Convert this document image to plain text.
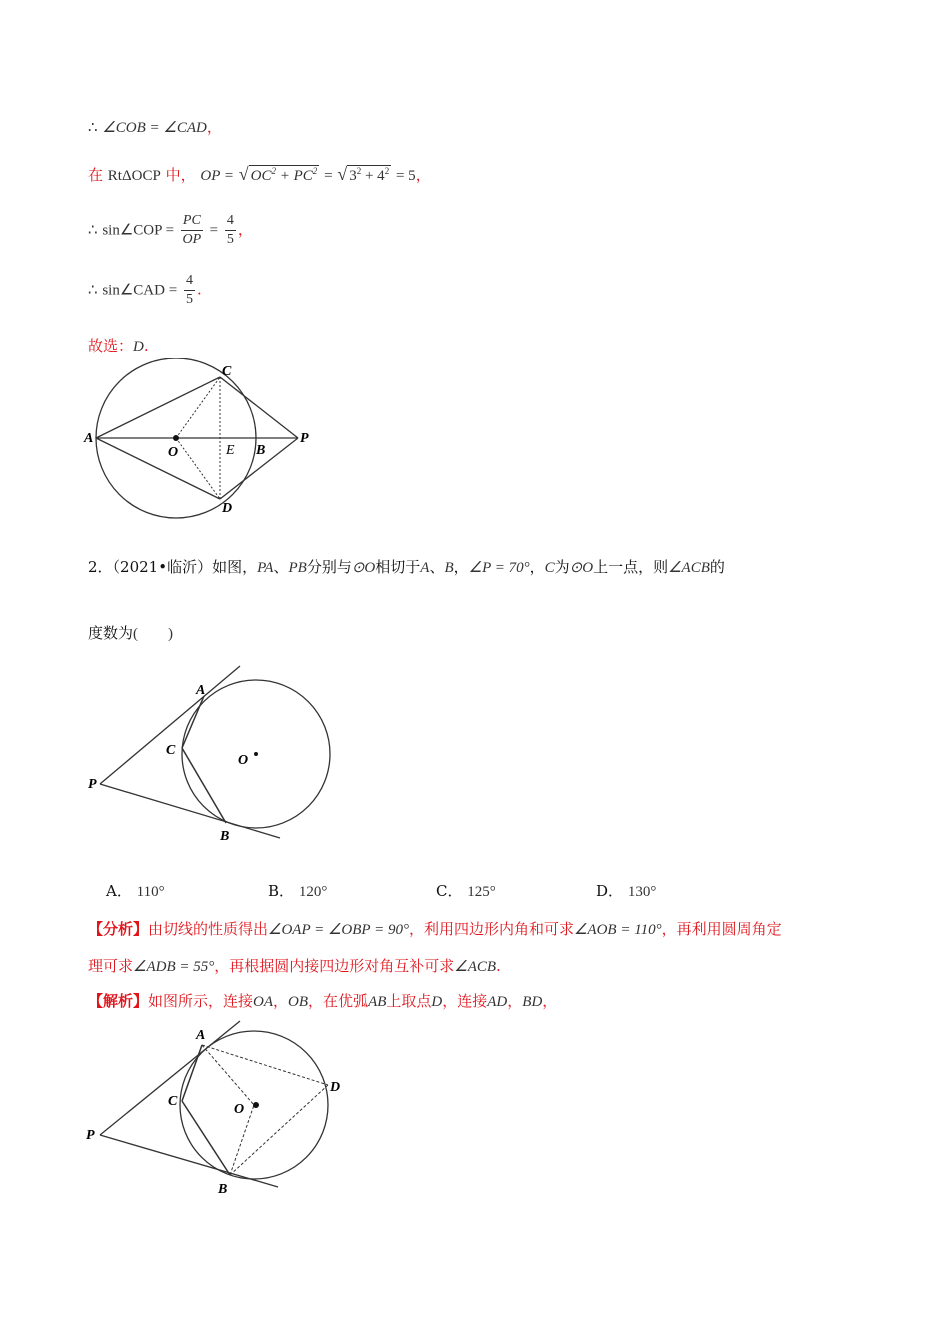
∴ ∠COB = ∠CAD，
在 RtΔOCP 中， OP = √ $OC^2 + PC^2$ = √ $3^2 + 4^2 = 5$，
∴ sin∠COP = $\frac{PC}{OP} = \frac{4}{5}$ ，
∴ sin∠CAD = $\frac{4}{5}$ .
故选：D.
A
C
O	E B
P
D
2．（2021•临沂）如图，PA、PB分别与⊙O相切于A、B，∠P = 70°，C为⊙O上一点，则∠ACB的
度数为(　　)
A
C
O
P
B
A． 110°	B． 120°	C． 125°	D． 130°
【分析】由切线的性质得出∠OAP = ∠OBP = 90°，利用四边形内角和可求∠AOB = 110°，再利用圆周角定
理可求∠ADB = 55°，再根据圆内接四边形对角互补可求∠ACB.
【解析】如图所示，连接OA，OB，在优弧AB上取点D，连接AD，BD，
A
C
O
D
P
B
